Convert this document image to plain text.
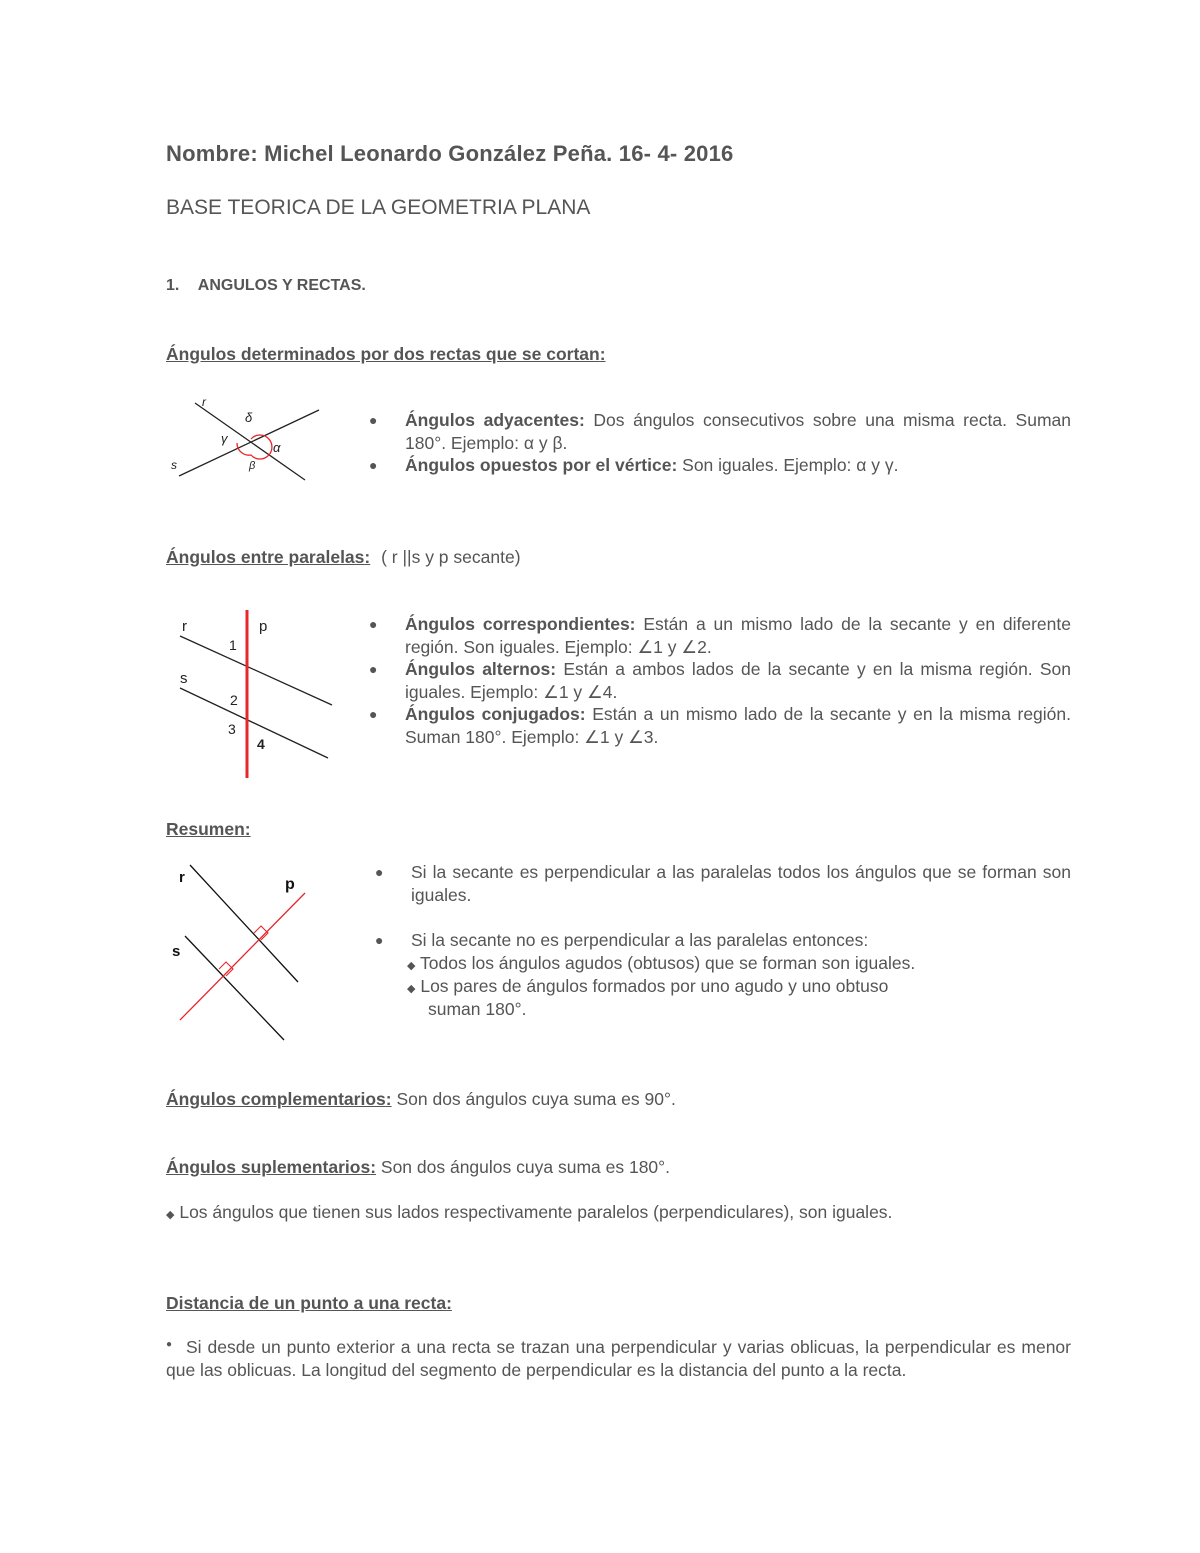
Nombre: Michel Leonardo González Peña. 16- 4- 2016
BASE TEORICA DE LA GEOMETRIA PLANA
1. ANGULOS Y RECTAS.
Ángulos determinados por dos rectas que se cortan:
r
s
δ
γ
α
β
● Ángulos adyacentes: Dos ángulos consecutivos sobre una misma recta. Suman 180°. Ejemplo: α y β.
● Ángulos opuestos por el vértice: Son iguales. Ejemplo: α y γ.
Ángulos entre paralelas: ( r ||s y p secante)
r	p
s
1
2
3
4
● Ángulos correspondientes: Están a un mismo lado de la secante y en diferente región. Son iguales. Ejemplo: ∠1 y ∠2.
● Ángulos alternos: Están a ambos lados de la secante y en la misma región. Son iguales. Ejemplo: ∠1 y ∠4.
● Ángulos conjugados: Están a un mismo lado de la secante y en la misma región. Suman 180°. Ejemplo: ∠1 y ∠3.
Resumen:
r	p
s
● Si la secante es perpendicular a las paralelas todos los ángulos que se forman son iguales.
● Si la secante no es perpendicular a las paralelas entonces:
◆ Todos los ángulos agudos (obtusos) que se forman son iguales.
◆ Los pares de ángulos formados por uno agudo y uno obtuso
suman 180°.
Ángulos complementarios: Son dos ángulos cuya suma es 90°.
Ángulos suplementarios: Son dos ángulos cuya suma es 180°.
◆ Los ángulos que tienen sus lados respectivamente paralelos (perpendiculares), son iguales.
Distancia de un punto a una recta:
● Si desde un punto exterior a una recta se trazan una perpendicular y varias oblicuas, la perpendicular es menor que las oblicuas. La longitud del segmento de perpendicular es la distancia del punto a la recta.
